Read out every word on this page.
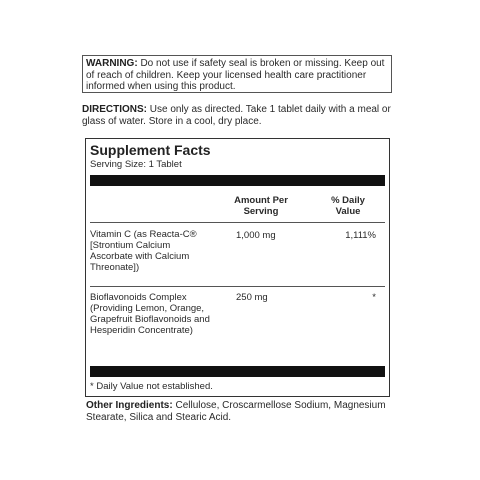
WARNING: Do not use if safety seal is broken or missing. Keep out of reach of children. Keep your licensed health care practitioner informed when using this product.
DIRECTIONS: Use only as directed. Take 1 tablet daily with a meal or glass of water. Store in a cool, dry place.
Supplement Facts
Serving Size: 1 Tablet
Amount Per Serving
% Daily Value
Vitamin C (as Reacta-C® [Strontium Calcium Ascorbate with Calcium Threonate])
1,000 mg	1,111%
Bioflavonoids Complex (Providing Lemon, Orange, Grapefruit Bioflavonoids and Hesperidin Concentrate)
250 mg	*
* Daily Value not established.
Other Ingredients: Cellulose, Croscarmellose Sodium, Magnesium Stearate, Silica and Stearic Acid.
